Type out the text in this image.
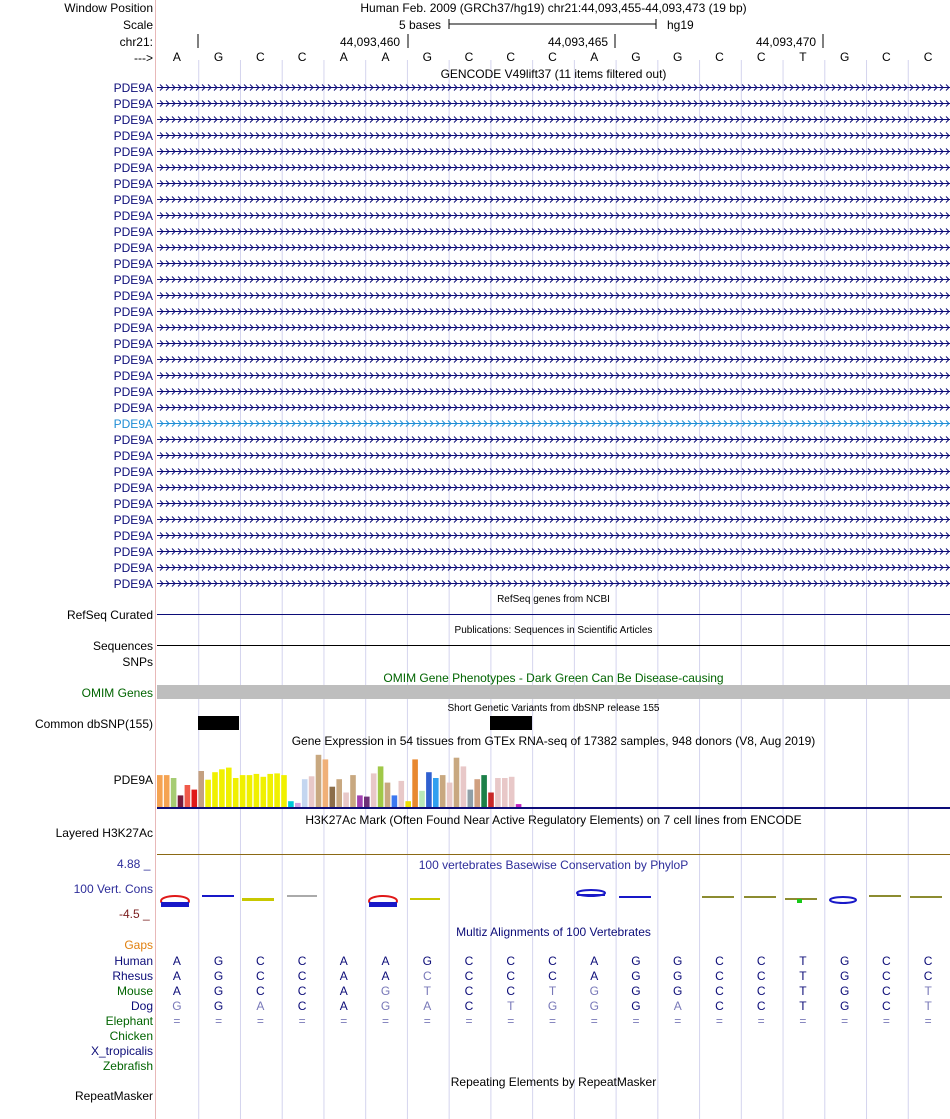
Window Position	Human Feb. 2009 (GRCh37/hg19) chr21:44,093,455-44,093,473 (19 bp)
Scale	5 bases	hg19
chr21:	44,093,460	44,093,465	44,093,470
--->	A	G	C	C	A	A	G	C	C	C	A	G	G	C	C	T	G	C	C
GENCODE V49lift37 (11 items filtered out)
PDE9A
PDE9A
PDE9A
PDE9A
PDE9A
PDE9A
PDE9A
PDE9A
PDE9A
PDE9A
PDE9A
PDE9A
PDE9A
PDE9A
PDE9A
PDE9A
PDE9A
PDE9A
PDE9A
PDE9A
PDE9A
PDE9A
PDE9A
PDE9A
PDE9A
PDE9A
PDE9A
PDE9A
PDE9A
PDE9A
PDE9A
PDE9A
RefSeq genes from NCBI
RefSeq Curated
Publications: Sequences in Scientific Articles
Sequences
SNPs
OMIM Gene Phenotypes - Dark Green Can Be Disease-causing
OMIM Genes
Short Genetic Variants from dbSNP release 155
Common dbSNP(155)
Gene Expression in 54 tissues from GTEx RNA-seq of 17382 samples, 948 donors (V8, Aug 2019)
PDE9A
H3K27Ac Mark (Often Found Near Active Regulatory Elements) on 7 cell lines from ENCODE
Layered H3K27Ac
4.88 _	100 vertebrates Basewise Conservation by PhyloP
100 Vert. Cons
-4.5 _
Multiz Alignments of 100 Vertebrates
Gaps
Human	A	G	C	C	A	A	G	C	C	C	A	G	G	C	C	T	G	C	C
Rhesus	A	G	C	C	A	A	C	C	C	C	A	G	G	C	C	T	G	C	C
Mouse	A	G	C	C	A	G	T	C	C	T	G	G	G	C	C	T	G	C	T
Dog	G	G	A	C	A	G	A	C	T	G	G	G	A	C	C	T	G	C	T
Elephant	=	=	=	=	=	=	=	=	=	=	=	=	=	=	=	=	=	=	=
Chicken
X_tropicalis
Zebrafish
Repeating Elements by RepeatMasker
RepeatMasker
